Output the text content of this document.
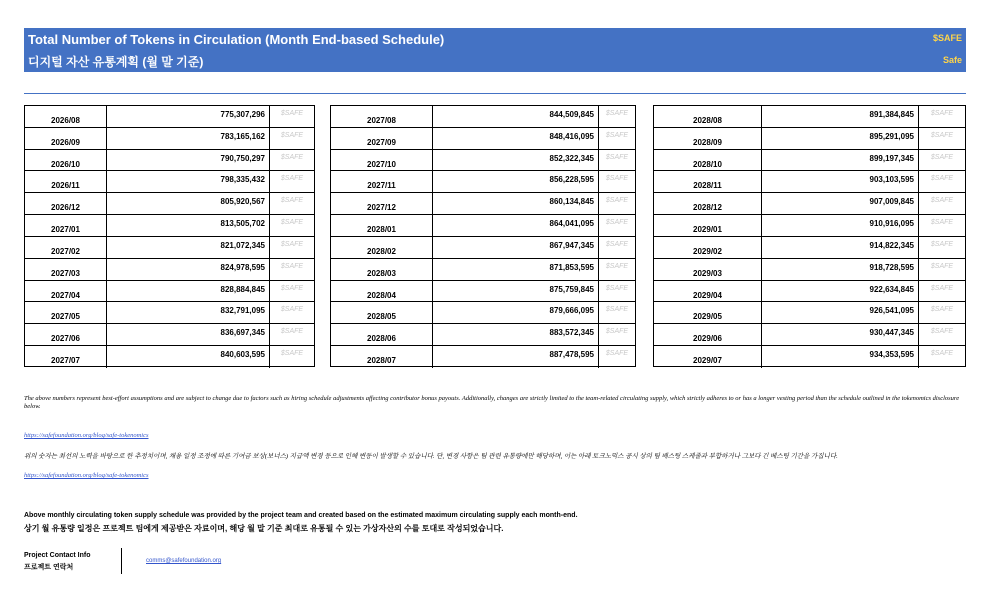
Total Number of Tokens in Circulation (Month End-based Schedule)
디지털 자산 유통계획 (월 말 기준)
$SAFE
Safe
2026/08
775,307,296	$SAFE
2026/09
783,165,162	$SAFE
2026/10
790,750,297	$SAFE
2026/11
798,335,432	$SAFE
2026/12
805,920,567	$SAFE
2027/01
813,505,702	$SAFE
2027/02
821,072,345	$SAFE
2027/03
824,978,595	$SAFE
2027/04
828,884,845	$SAFE
2027/05
832,791,095	$SAFE
2027/06
836,697,345	$SAFE
2027/07
840,603,595	$SAFE
2027/08
844,509,845	$SAFE
2027/09
848,416,095	$SAFE
2027/10
852,322,345	$SAFE
2027/11
856,228,595	$SAFE
2027/12
860,134,845	$SAFE
2028/01
864,041,095	$SAFE
2028/02
867,947,345	$SAFE
2028/03
871,853,595	$SAFE
2028/04
875,759,845	$SAFE
2028/05
879,666,095	$SAFE
2028/06
883,572,345	$SAFE
2028/07
887,478,595	$SAFE
2028/08
891,384,845	$SAFE
2028/09
895,291,095	$SAFE
2028/10
899,197,345	$SAFE
2028/11
903,103,595	$SAFE
2028/12
907,009,845	$SAFE
2029/01
910,916,095	$SAFE
2029/02
914,822,345	$SAFE
2029/03
918,728,595	$SAFE
2029/04
922,634,845	$SAFE
2029/05
926,541,095	$SAFE
2029/06
930,447,345	$SAFE
2029/07
934,353,595	$SAFE
The above numbers represent best-effort assumptions and are subject to change due to factors such as hiring schedule adjustments affecting contributor bonus payouts. Additionally, changes are strictly limited to the team-related circulating supply, which strictly adheres to or has a longer vesting period than the schedule outlined in the tokenomics disclosure below.
https://safefoundation.org/blog/safe-tokenomics
위의 숫자는 최선의 노력을 바탕으로 한 추정치이며, 채용 일정 조정에 따른 기여금 보상(보너스) 지급액 변경 등으로 인해 변동이 발생할 수 있습니다. 단, 변경 사항은 팀 관련 유통량에만 해당하며, 이는 아래 토크노믹스 공시 상의 팀 베스팅 스케줄과 부합하거나 그보다 긴 베스팅 기간을 가집니다.
https://safefoundation.org/blog/safe-tokenomics
Above monthly circulating token supply schedule was provided by the project team and created based on the estimated maximum circulating supply each month-end.
상기 월 유통량 일정은 프로젝트 팀에게 제공받은 자료이며, 해당 월 말 기준 최대로 유통될 수 있는 가상자산의 수를 토대로 작성되었습니다.
Project Contact Info
프로젝트 연락처
comms@safefoundation.org
